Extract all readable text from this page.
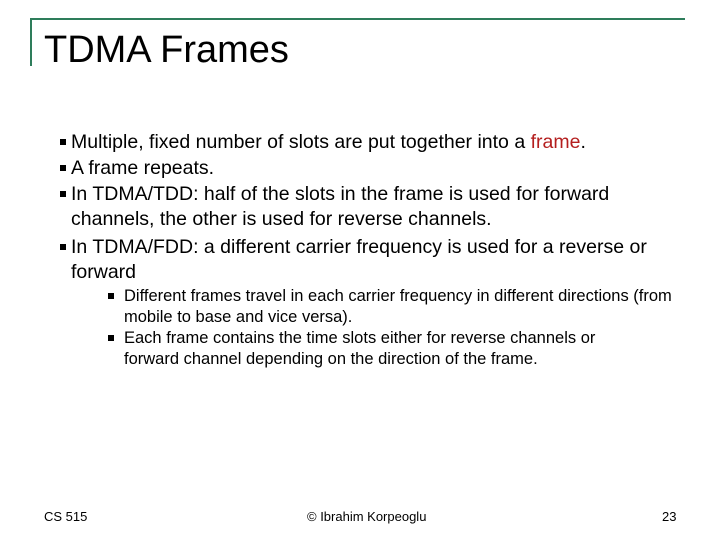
TDMA Frames
Multiple, fixed number of slots are put together into a frame.
A frame repeats.
In TDMA/TDD: half of the slots in the frame is used for forward channels, the other is used for reverse channels.
In TDMA/FDD: a different carrier frequency is used for a reverse or forward
Different frames travel in each carrier frequency in different directions (from mobile to base and vice versa).
Each frame contains the time slots either for reverse channels or forward channel depending on the direction of the frame.
CS 515	© Ibrahim Korpeoglu	23
